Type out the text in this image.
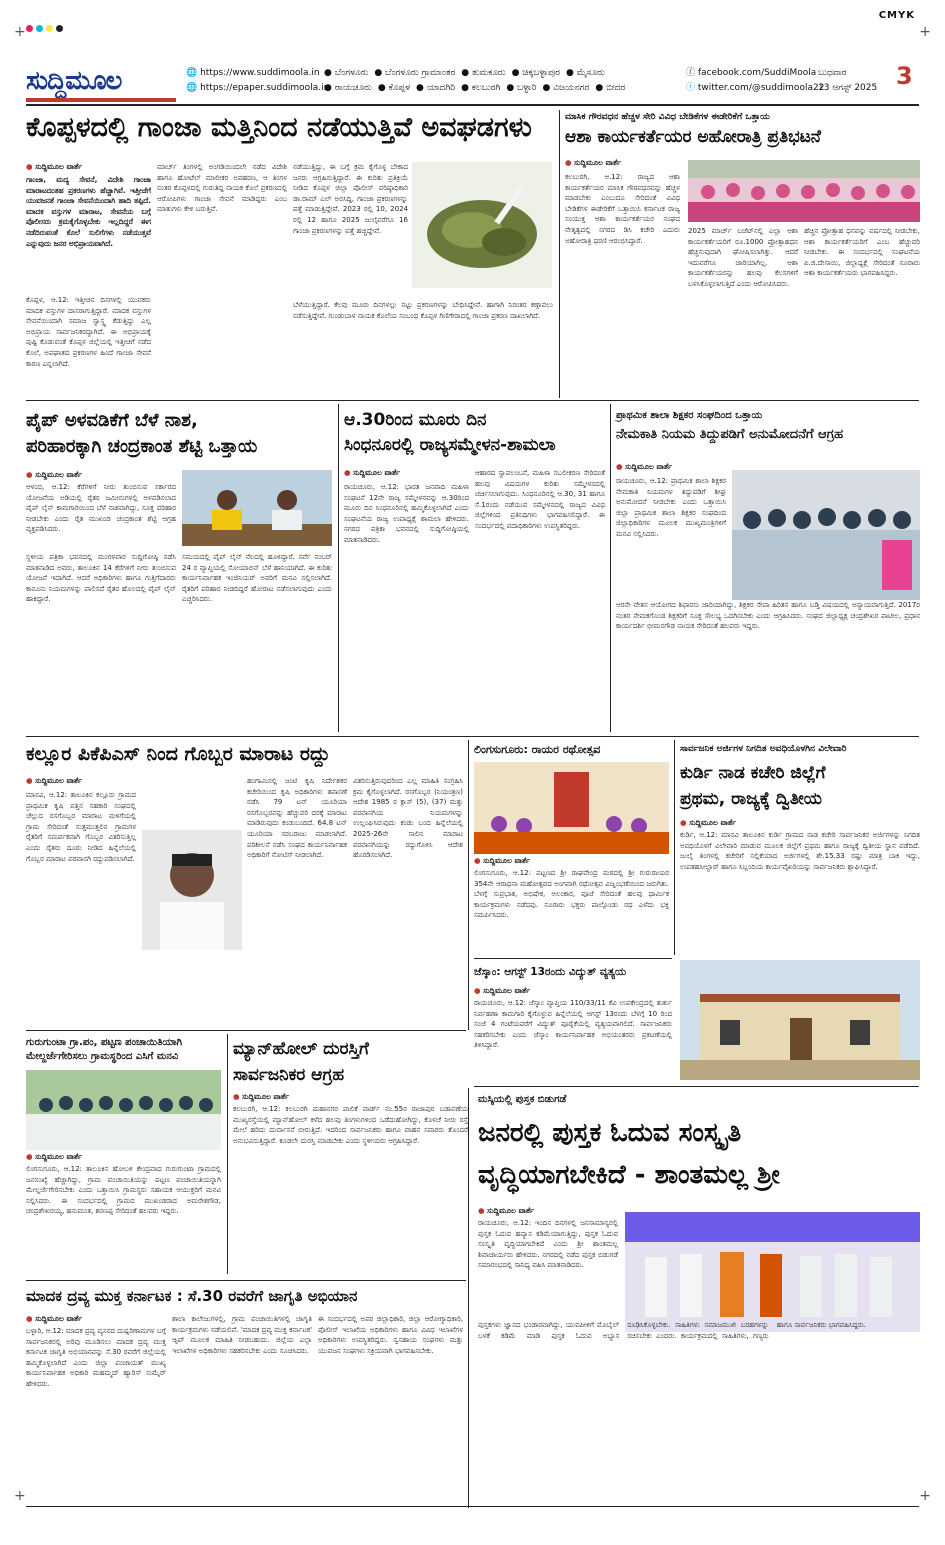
CMYK
+	+
+	+
ಸುದ್ದಿಮೂಲ	🌐 https://www.suddimoola.in
🌐 https://epaper.suddimoola.in
● ಬೆಂಗಳೂರು ● ಬೆಂಗಳೂರು ಗ್ರಾಮಾಂತರ ● ತುಮಕೂರು ● ಚಿಕ್ಕಬಳ್ಳಾಪುರ ● ಮೈಸೂರು
● ರಾಯಚೂರು ● ಕೊಪ್ಪಳ ● ಯಾದಗಿರಿ ● ಕಲಬುರಗಿ ● ಬಳ್ಳಾರಿ ● ವಿಜಯನಗರ ● ಬೀದರ
ⓕ facebook.com/SuddiMoola
ⓣ twitter.com/@suddimoola22
ಬುಧವಾರ
13 ಆಗಸ್ಟ್ 2025 3
ಕೊಪ್ಪಳದಲ್ಲಿ ಗಾಂಜಾ ಮತ್ತಿನಿಂದ ನಡೆಯುತ್ತಿವೆ ಅವಘಡಗಳು
● ಸುದ್ದಿಮೂಲ ವಾರ್ತೆ
ಗಾಂಜಾ, ಮದ್ಯ ಸೇವನೆ, ವಿದೇಶಿ ಗಾಂಜಾ ಮಾರಾಟದಂತಹ ಪ್ರಕರಣಗಳು ಹೆಚ್ಚಾಗಿವೆ. ಇತ್ತೀಚೆಗೆ ಯುವಜನತೆ ಗಾಂಜಾ ಸೇವನೆಯಿಂದಾಗಿ ಹಾದಿ ತಪ್ಪಿದೆ. ಮಾದಕ ವಸ್ತುಗಳ ಮಾರಾಟ, ಸೇವನೆಯ ಬಗ್ಗೆ ಪೊಲೀಸರು ಕ್ರಮಕೈಗೊಳ್ಳಬೇಕು ಇಲ್ಲದಿದ್ದರೆ ಈಗ ನಡೆದಿರುವಂತೆ ಕೊಲೆ ಸುಲಿಗೆಗಳು ನಡೆಯುತ್ತವೆ ಎನ್ನುವುದು ಜನರ ಅಭಿಪ್ರಾಯವಾಗಿದೆ.
ಕೊಪ್ಪಳ, ಆ.12: ಇತ್ತೀಚಿನ ದಿನಗಳಲ್ಲಿ ಯುವಕರು ಮಾದಕ ವಸ್ತುಗಳ ದಾಸರಾಗುತ್ತಿದ್ದಾರೆ. ಮಾದಕ ವಸ್ತುಗಳ ಸೇವನೆಯಿಂದಾಗಿ ಸಮಾಜ ಸ್ವಾಸ್ಥ್ಯ ಕೆಡುತ್ತಿದ್ದು ಎಲ್ಲ ಅಭಿಪ್ರಾಯ ಸಾರ್ವಜನಿಕರದ್ದಾಗಿದೆ. ಈ ಅಭಿಪ್ರಾಯಕ್ಕೆ ಪುಷ್ಟಿ ಕೊಡುವಂತೆ ಕೊಪ್ಪಳ ಜಿಲ್ಲೆಯಲ್ಲಿ ಇತ್ತೀಚಿಗೆ ನಡೆದ ಕೊಲೆ, ಅಪಘಾತದ ಪ್ರಕರಣಗಳ ಹಿಂದೆ ಗಾಂಜಾ ಸೇವನೆ ಕಾರಣ ಎನ್ನಲಾಗಿದೆ.
ಮಾರ್ಚ್ ತಿಂಗಳಲ್ಲಿ ಅಂಗಡಿಯಿಂದಲೇ ನಡೆದ ವಿದೇಶಿ ಹಾಗೂ ಹೋಟೆಲ್ ಮಾಲೀಕರ ಅಪಹರಣ, ಆ ತಿಂಗಳ ನಂತರ ಕೊಪ್ಪಳದಲ್ಲಿ ಗುರುತಿದ್ದ ನಾಯಕ ಕೊಲೆ ಪ್ರಕರಣದಲ್ಲಿ ಆರೋಪಿಗಳು ಗಾಂಜಾ ಸೇವನೆ ಮಾಡಿದ್ದರು ಎಂಬ ಮಾತುಗಳು ಕೇಳಿ ಬರುತ್ತಿವೆ.
ನಡೆಯುತ್ತಿದ್ದು, ಈ ಬಗ್ಗೆ ಕ್ರಮ ಕೈಗೊಳ್ಳ ಬೇಕಾದ ಜನರು ಆಗ್ರಹಿಸುತ್ತಿದ್ದಾರೆ. ಈ ಕುರಿತು ಪ್ರತಿಕ್ರಿಯೆ ನೀಡಿದ ಕೊಪ್ಪಳ ಜಿಲ್ಲಾ ಪೊಲೀಸ್ ವರಿಷ್ಠಾಧಿಕಾರಿ ಡಾ.ರಾಮ್ ಎಲ್ ಅರಸಿದ್ದಿ, ಗಾಂಜಾ ಪ್ರಕರಣಗಳನ್ನು ಪತ್ತೆ ಮಾಡುತ್ತಿದ್ದೇವೆ. 2023 ರಲ್ಲಿ 10, 2024 ರಲ್ಲಿ 12 ಹಾಗೂ 2025 ಜುಲೈವರೆಗೂ 16 ಗಾಂಜಾ ಪ್ರಕರಣಗಳನ್ನು ಪತ್ತೆ ಹಚ್ಚಿದ್ದೇವೆ.
ಬೆಳೆಯುತ್ತಿದ್ದಾರೆ. ಕೆಲವು ಮೂರು ದಿನಗಳಲ್ಲು ನಟ್ಟು ಪ್ರಕರಣಗಳನ್ನು ಬೇಧಿಸಿದ್ದೇವೆ. ಹಾಗಾಗಿ ನಿರಂತರ ಕಣ್ಗಾವಲು ನಡೆಸುತ್ತಿದ್ದೇವೆ. ಗುಂಡುಬಾಳ ನಾಯಕ ಕೊಲೆಯ ಸಂಬಂಧ ಕೊಪ್ಪಳ ಗಿಣಿಗೇರಾದಲ್ಲಿ ಗಾಂಜಾ ಪ್ರಕರಣ ದಾಖಲಾಗಿದೆ.
ಮಾಸಿಕ ಗೌರವಧನ ಹೆಚ್ಚಳ ಸೇರಿ ವಿವಿಧ ಬೇಡಿಕೆಗಳ ಈಡೇರಿಕೆಗೆ ಒತ್ತಾಯ
ಆಶಾ ಕಾರ್ಯಕರ್ತೆಯರ ಅಹೋರಾತ್ರಿ ಪ್ರತಿಭಟನೆ
● ಸುದ್ದಿಮೂಲ ವಾರ್ತೆ
ಕಲಬುರಗಿ, ಆ.12: ರಾಜ್ಯದ ಆಶಾ ಕಾರ್ಯಕರ್ತೆಯರ ಮಾಸಿಕ ಗೌರವಧನವನ್ನು ಹೆಚ್ಚಳ ಮಾಡಬೇಕು ಎಂಬುದೂ ಸೇರಿದಂತೆ ವಿವಿಧ ಬೇಡಿಕೆಗಳ ಈಡೇರಿಕೆಗೆ ಒತ್ತಾಯಿಸಿ ಕರ್ನಾಟಕ ರಾಜ್ಯ ಸಂಯುಕ್ತ ಆಶಾ ಕಾರ್ಯಕರ್ತೆಯರ ಸಂಘದ ನೇತೃತ್ವದಲ್ಲಿ ನಗರದ ಡಿಸಿ ಕಚೇರಿ ಎದುರು ಅಹೋರಾತ್ರಿ ಧರಣಿ ಆರಂಭಿಸಿದ್ದಾರೆ.
2025 ಮಾರ್ಚ್ ಬಜೆಟ್‌ನಲ್ಲಿ ಎಲ್ಲಾ ಆಶಾ ಕಾರ್ಯಕರ್ತೆಯರಿಗೆ ರೂ.1000 ಪ್ರೋತ್ಸಾಹಧನ ಹೆಚ್ಚಿಸುವುದಾಗಿ ಘೋಷಿಸಲಾಗಿತ್ತು. ಆದರೆ ಇದುವರೆಗೂ ಜಾರಿಯಾಗಿಲ್ಲ. ಆಶಾ ಕಾರ್ಯಕರ್ತೆಯರನ್ನು ಹಲವು ಕೆಲಸಗಳಿಗೆ ಬಳಸಿಕೊಳ್ಳಲಾಗುತ್ತಿದೆ ಎಂದು ಆರೋಪಿಸಿದರು.
ಹೆಚ್ಚಿನ ಪ್ರೋತ್ಸಾಹ ಧನವನ್ನು ವರ್ಷದಲ್ಲಿ ನೀಡಬೇಕು, ಆಶಾ ಕಾರ್ಯಕರ್ತೆಯರಿಗೆ ಎಂಬ ಹೆಚ್ಚುವರಿ ನೀಡಬೇಕು. ಈ ಸಂದರ್ಭದಲ್ಲಿ ಸಂಘಟನೆಯ ಪಿ.ಜಿ.ದೇಸಾಯಿ, ಜಿಲ್ಲಾಧ್ಯಕ್ಷೆ ಸೇರಿದಂತೆ ನೂರಾರು ಆಶಾ ಕಾರ್ಯಕರ್ತೆಯರು ಭಾಗವಹಿಸಿದ್ದರು.
ಪೈಪ್ ಅಳವಡಿಕೆಗೆ ಬೆಳೆ ನಾಶ,
ಪರಿಹಾರಕ್ಕಾಗಿ ಚಂದ್ರಕಾಂತ ಶೆಟ್ಟಿ ಒತ್ತಾಯ
● ಸುದ್ದಿಮೂಲ ವಾರ್ತೆ
ಆಳಂದ, ಆ.12: ಕೆರೆಗಳಿಗೆ ನೀರು ತುಂಬಿಸುವ ಸರ್ಕಾರದ ಯೋಜನೆಯ ಅಡಿಯಲ್ಲಿ ರೈತರ ಜಮೀನುಗಳಲ್ಲಿ ಅಳವಡಿಸಲಾದ ಪೈಪ್ ಲೈನ್ ಕಾಮಗಾರಿಯಿಂದ ಬೆಳೆ ನಾಶವಾಗಿದ್ದು, ಸೂಕ್ತ ಪರಿಹಾರ ನೀಡಬೇಕು ಎಂದು ರೈತ ಮುಖಂಡ ಚಂದ್ರಕಾಂತ ಶೆಟ್ಟಿ ಆಗ್ರಹ ವ್ಯಕ್ತಪಡಿಸಿದರು.
ಸ್ಥಳೀಯ ಪತ್ರಿಕಾ ಭವನದಲ್ಲಿ ಮಂಗಳವಾರ ಸುದ್ದಿಗೋಷ್ಠಿ ನಡೆಸಿ ಮಾತನಾಡಿದ ಅವರು, ತಾಲೂಕಿನ 14 ಕೆರೆಗಳಿಗೆ ನೀರು ತುಂಬಿಸುವ ಯೋಜನೆ ಇದಾಗಿದೆ. ಆದರೆ ಅಧಿಕಾರಿಗಳು ಹಾಗೂ ಗುತ್ತಿಗೆದಾರರು ಕಾನೂನು ನಿಯಮಗಳನ್ನು ಪಾಲಿಸದೆ ರೈತರ ಹೊಲದಲ್ಲಿ ಪೈಪ್ ಲೈನ್ ಹಾಕಿದ್ದಾರೆ.
ಸಮಯದಲ್ಲಿ ಪೈಪ್ ಲೈನ್ ನೆಲದಲ್ಲಿ ಹೂಳಿದ್ದಾರೆ. ಸರ್ವೆ ನಂಬರ್ 24 ರ ವ್ಯಾಪ್ತಿಯಲ್ಲಿ ಸೋಯಾಬಿನ್ ಬೆಳೆ ಹಾನಿಯಾಗಿದೆ. ಈ ಕುರಿತು ಕಾರ್ಯನಿರ್ವಾಹಕ ಇಂಜಿನಿಯರ್ ಅವರಿಗೆ ಮನವಿ ಸಲ್ಲಿಸಲಾಗಿದೆ. ರೈತರಿಗೆ ಪರಿಹಾರ ನೀಡದಿದ್ದರೆ ಹೋರಾಟ ನಡೆಸಲಾಗುವುದು ಎಂದು ಎಚ್ಚರಿಸಿದರು.
ಆ.30ರಿಂದ ಮೂರು ದಿನ
ಸಿಂಧನೂರಲ್ಲಿ ರಾಜ್ಯಸಮ್ಮೇಳನ-ಶಾಮಲಾ
● ಸುದ್ದಿಮೂಲ ವಾರ್ತೆ
ರಾಯಚೂರು, ಆ.12: ಭಾರತ ಜನವಾದಿ ಮಹಿಳಾ ಸಂಘಟನೆ 12ನೇ ರಾಜ್ಯ ಸಮ್ಮೇಳನವನ್ನು ಆ.30ರಿಂದ ಮೂರು ದಿನ ಸಿಂಧನೂರಿನಲ್ಲಿ ಹಮ್ಮಿಕೊಳ್ಳಲಾಗಿದೆ ಎಂದು ಸಂಘಟನೆಯ ರಾಜ್ಯ ಉಪಾಧ್ಯಕ್ಷೆ ಶಾಮಲಾ ಹೇಳಿದರು. ನಗರದ ಪತ್ರಿಕಾ ಭವನದಲ್ಲಿ ಸುದ್ದಿಗೋಷ್ಠಿಯಲ್ಲಿ ಮಾತನಾಡಿದರು.
ಆಹಾರದ ಸ್ವಾವಲಂಬನೆ, ಮಹಿಳಾ ಸಬಲೀಕರಣ ಸೇರಿದಂತೆ ಹಲವು ವಿಷಯಗಳ ಕುರಿತು ಸಮ್ಮೇಳನದಲ್ಲಿ ಚರ್ಚಿಸಲಾಗುವುದು. ಸಿಂಧನೂರಿನಲ್ಲಿ ಆ.30, 31 ಹಾಗೂ ಸೆ.1ರಂದು ನಡೆಯುವ ಸಮ್ಮೇಳನದಲ್ಲಿ ರಾಜ್ಯದ ವಿವಿಧ ಜಿಲ್ಲೆಗಳಿಂದ ಪ್ರತಿನಿಧಿಗಳು ಭಾಗವಹಿಸಲಿದ್ದಾರೆ. ಈ ಸಂದರ್ಭದಲ್ಲಿ ಪದಾಧಿಕಾರಿಗಳು ಉಪಸ್ಥಿತರಿದ್ದರು.
ಪ್ರಾಥಮಿಕ ಶಾಲಾ ಶಿಕ್ಷಕರ ಸಂಘದಿಂದ ಒತ್ತಾಯ
ನೇಮಕಾತಿ ನಿಯಮ ತಿದ್ದುಪಡಿಗೆ ಅನುಮೋದನೆಗೆ ಆಗ್ರಹ
● ಸುದ್ದಿಮೂಲ ವಾರ್ತೆ
ರಾಯಚೂರು, ಆ.12: ಪ್ರಾಥಮಿಕ ಶಾಲಾ ಶಿಕ್ಷಕರ ನೇಮಕಾತಿ ನಿಯಮಗಳ ತಿದ್ದುಪಡಿಗೆ ಶೀಘ್ರ ಅನುಮೋದನೆ ನೀಡಬೇಕು ಎಂದು ಒತ್ತಾಯಿಸಿ ಜಿಲ್ಲಾ ಪ್ರಾಥಮಿಕ ಶಾಲಾ ಶಿಕ್ಷಕರ ಸಂಘದಿಂದ ಜಿಲ್ಲಾಧಿಕಾರಿಗಳ ಮೂಲಕ ಮುಖ್ಯಮಂತ್ರಿಗಳಿಗೆ ಮನವಿ ಸಲ್ಲಿಸಿದರು.
ಆರನೇ ವೇತನ ಆಯೋಗದ ಶಿಫಾರಸು ಜಾರಿಯಾಗಿದ್ದು, ಶಿಕ್ಷಕರ ಸೇವಾ ಹಿರಿತನ ಹಾಗೂ ಬಡ್ತಿ ವಿಷಯದಲ್ಲಿ ಅನ್ಯಾಯವಾಗುತ್ತಿದೆ. 2017ರ ನಂತರ ನೇಮಕಗೊಂಡ ಶಿಕ್ಷಕರಿಗೆ ಸೂಕ್ತ ಸೌಲಭ್ಯ ಒದಗಿಸಬೇಕು ಎಂದು ಆಗ್ರಹಿಸಿದರು. ಸಂಘದ ಜಿಲ್ಲಾಧ್ಯಕ್ಷ ಚಂದ್ರಶೇಖರ ಪಾಟೀಲ, ಪ್ರಧಾನ ಕಾರ್ಯದರ್ಶಿ ಭೀಮನಗೌಡ ನಾಯಕ ಸೇರಿದಂತೆ ಹಲವರು ಇದ್ದರು.
ಕಲ್ಲೂರ ಪಿಕೆಪಿಎಸ್ ನಿಂದ ಗೊಬ್ಬರ ಮಾರಾಟ ರದ್ದು
● ಸುದ್ದಿಮೂಲ ವಾರ್ತೆ
ಮಾನವಿ, ಆ.12: ತಾಲೂಕಿನ ಕಲ್ಲೂರು ಗ್ರಾಮದ ಪ್ರಾಥಮಿಕ ಕೃಷಿ ಪತ್ತಿನ ಸಹಕಾರಿ ಸಂಘದಲ್ಲಿ ಚೆಲ್ಲುದ ರಸಗೊಬ್ಬರ ಮಾರಾಟ ಮಳಿಗೆಯಲ್ಲಿ ಗ್ರಾಮ ಸೇರಿದಂತೆ ಸುತ್ತಮುತ್ತಲಿನ ಗ್ರಾಮಗಳ ರೈತರಿಗೆ ಸಮರ್ಪಕವಾಗಿ ಗೊಬ್ಬರ ವಿತರಿಸುತ್ತಿಲ್ಲ ಎಂದು ರೈತರು ದೂರು ನೀಡಿದ ಹಿನ್ನೆಲೆಯಲ್ಲಿ ಗೊಬ್ಬರ ಮಾರಾಟ ಪರವಾನಗಿ ರದ್ದುಪಡಿಸಲಾಗಿದೆ.
ಹಂಗಾಮಿನಲ್ಲಿ ಜಂಟಿ ಕೃಷಿ ನಿರ್ದೇಶಕರ ಕಚೇರಿಯಿಂದ ಕೃಷಿ ಅಧಿಕಾರಿಗಳು ತಪಾಸಣೆ ನಡೆಸಿ 79 ಟನ್ ಯೂರಿಯಾ ರಸಗೊಬ್ಬರವನ್ನು ಹೆಚ್ಚುವರಿ ದರಕ್ಕೆ ಮಾರಾಟ ಮಾಡಿರುವುದು ಕಂಡುಬಂದಿದೆ. 64.8 ಟನ್ ಯೂರಿಯಾ ಸರಬರಾಜು ಮಾಡಲಾಗಿದೆ. ಪರಿಶೀಲನೆ ನಡೆಸಿ ಸಂಘದ ಕಾರ್ಯನಿರ್ವಾಹಕ ಅಧಿಕಾರಿಗೆ ನೋಟಿಸ್ ನೀಡಲಾಗಿದೆ.
ವಿತರಿಸುತ್ತಿರುವುದರಿಂದ ಎಲ್ಲ ಮಾಹಿತಿ ಸಂಗ್ರಹಿಸಿ ಕ್ರಮ ಕೈಗೊಳ್ಳಲಾಗಿದೆ. ರಸಗೊಬ್ಬರ (ನಿಯಂತ್ರಣ) ಆದೇಶ 1985 ರ ಕ್ಲಾಸ್ (5), (37) ಮತ್ತು ಪರವಾನಗಿಯ ನಿಯಮಗಳನ್ನು ಉಲ್ಲಂಘಿಸಿರುವುದು ಕಂಡು ಬಂದ ಹಿನ್ನೆಲೆಯಲ್ಲಿ 2025-26ನೇ ಸಾಲಿನ ಮಾರಾಟ ಪರವಾನಗಿಯನ್ನು ರದ್ದುಗೊಳಿಸಿ ಆದೇಶ ಹೊರಡಿಸಲಾಗಿದೆ.
ಲಿಂಗಸುಗೂರು: ರಾಯರ ರಥೋತ್ಸವ
● ಸುದ್ದಿಮೂಲ ವಾರ್ತೆ
ಲಿಂಗಸುಗೂರು, ಆ.12: ಪಟ್ಟಣದ ಶ್ರೀ ರಾಘವೇಂದ್ರ ಮಠದಲ್ಲಿ ಶ್ರೀ ಗುರುರಾಯರ 354ನೇ ಆರಾಧನಾ ಮಹೋತ್ಸವದ ಅಂಗವಾಗಿ ರಥೋತ್ಸವ ವಿಜೃಂಭಣೆಯಿಂದ ಜರುಗಿತು. ಬೆಳಗ್ಗೆ ಸುಪ್ರಭಾತ, ಅಭಿಷೇಕ, ಅಲಂಕಾರ, ಪೂಜೆ ಸೇರಿದಂತೆ ಹಲವು ಧಾರ್ಮಿಕ ಕಾರ್ಯಕ್ರಮಗಳು ನಡೆದವು. ನೂರಾರು ಭಕ್ತರು ಪಾಲ್ಗೊಂಡು ರಥ ಎಳೆದು ಭಕ್ತಿ ಸಮರ್ಪಿಸಿದರು.
ಸಾರ್ವಜನಿಕ ಅರ್ಜಿಗಳ ನಿಗದಿತ ಅವಧಿಯೊಳಗಿನ ವಿಲೇವಾರಿ
ಕುರ್ಡಿ ನಾಡ ಕಚೇರಿ ಜಿಲ್ಲೆಗೆ
ಪ್ರಥಮ, ರಾಜ್ಯಕ್ಕೆ ದ್ವಿತೀಯ
● ಸುದ್ದಿಮೂಲ ವಾರ್ತೆ
ಕುರ್ಡಿ, ಆ.12: ಮಾನವಿ ತಾಲೂಕಿನ ಕುರ್ಡಿ ಗ್ರಾಮದ ನಾಡ ಕಚೇರಿ ಸಾರ್ವಜನಿಕರ ಅರ್ಜಿಗಳನ್ನು ನಿಗದಿತ ಅವಧಿಯೊಳಗೆ ವಿಲೇವಾರಿ ಮಾಡುವ ಮೂಲಕ ಜಿಲ್ಲೆಗೆ ಪ್ರಥಮ ಹಾಗೂ ರಾಜ್ಯಕ್ಕೆ ದ್ವಿತೀಯ ಸ್ಥಾನ ಪಡೆದಿದೆ. ಜುಲೈ ತಿಂಗಳಲ್ಲಿ ಕಚೇರಿಗೆ ಸಲ್ಲಿಕೆಯಾದ ಅರ್ಜಿಗಳಲ್ಲಿ ಶೇ.15.33 ರಷ್ಟು ಮಾತ್ರ ಬಾಕಿ ಇದ್ದು, ಉಪತಹಸೀಲ್ದಾರ್ ಹಾಗೂ ಸಿಬ್ಬಂದಿಯ ಕಾರ್ಯವೈಖರಿಯನ್ನು ಸಾರ್ವಜನಿಕರು ಶ್ಲಾಘಿಸಿದ್ದಾರೆ.
ಜೆಸ್ಕಾಂ: ಆಗಸ್ಟ್ 13ರಂದು ವಿದ್ಯುತ್ ವ್ಯತ್ಯಯ
● ಸುದ್ದಿಮೂಲ ವಾರ್ತೆ
ರಾಯಚೂರು, ಆ.12: ಜೆಸ್ಕಾಂ ವ್ಯಾಪ್ತಿಯ 110/33/11 ಕೆವಿ ಉಪಕೇಂದ್ರದಲ್ಲಿ ತುರ್ತು ನಿರ್ವಹಣಾ ಕಾಮಗಾರಿ ಕೈಗೊಳ್ಳುವ ಹಿನ್ನೆಲೆಯಲ್ಲಿ ಆಗಸ್ಟ್ 13ರಂದು ಬೆಳಗ್ಗೆ 10 ರಿಂದ ಸಂಜೆ 4 ಗಂಟೆಯವರೆಗೆ ವಿದ್ಯುತ್ ಪೂರೈಕೆಯಲ್ಲಿ ವ್ಯತ್ಯಯವಾಗಲಿದೆ. ಸಾರ್ವಜನಿಕರು ಸಹಕರಿಸಬೇಕು ಎಂದು ಜೆಸ್ಕಾಂ ಕಾರ್ಯನಿರ್ವಾಹಕ ಅಭಿಯಂತರರು ಪ್ರಕಟಣೆಯಲ್ಲಿ ತಿಳಿಸಿದ್ದಾರೆ.
ಗುರುಗುಂಟಾ ಗ್ರಾ.ಪಂ, ಪಟ್ಟಣ ಪಂಚಾಯಿತಿಯಾಗಿ
ಮೇಲ್ದರ್ಜೆಗೇರಿಸಲು ಗ್ರಾಮಸ್ಥರಿಂದ ಎಸಿಗೆ ಮನವಿ
● ಸುದ್ದಿಮೂಲ ವಾರ್ತೆ
ಲಿಂಗಸುಗೂರು, ಆ.12: ತಾಲೂಕಿನ ಹೋಬಳಿ ಕೇಂದ್ರವಾದ ಗುರುಗುಂಟಾ ಗ್ರಾಮದಲ್ಲಿ ಜನಸಂಖ್ಯೆ ಹೆಚ್ಚಾಗಿದ್ದು, ಗ್ರಾಮ ಪಂಚಾಯಿತಿಯನ್ನು ಪಟ್ಟಣ ಪಂಚಾಯಿತಿಯನ್ನಾಗಿ ಮೇಲ್ದರ್ಜೆಗೇರಿಸಬೇಕು ಎಂದು ಒತ್ತಾಯಿಸಿ ಗ್ರಾಮಸ್ಥರು ಸಹಾಯಕ ಆಯುಕ್ತರಿಗೆ ಮನವಿ ಸಲ್ಲಿಸಿದರು. ಈ ಸಂದರ್ಭದಲ್ಲಿ ಗ್ರಾಮದ ಮುಖಂಡರಾದ ಅಮರೇಶಗೌಡ, ಚಂದ್ರಶೇಖರಯ್ಯ, ಹನುಮಂತ, ಶರಣಪ್ಪ ಸೇರಿದಂತೆ ಹಲವರು ಇದ್ದರು.
ಮ್ಯಾನ್‌ಹೋಲ್ ದುರಸ್ತಿಗೆ
ಸಾರ್ವಜನಿಕರ ಆಗ್ರಹ
● ಸುದ್ದಿಮೂಲ ವಾರ್ತೆ
ಕಲಬುರಗಿ, ಆ.12: ಕಲಬುರಗಿ ಮಹಾನಗರ ಪಾಲಿಕೆ ವಾರ್ಡ್ ನಂ.55ರ ರಾಜಾಪುರ ಬಡಾವಣೆಯ ಮುಖ್ಯರಸ್ತೆಯಲ್ಲಿ ಮ್ಯಾನ್‌ಹೋಲ್ ಕಳೆದ ಹಲವು ತಿಂಗಳುಗಳಿಂದ ಒಡೆದುಹೋಗಿದ್ದು, ಕೊಳಚೆ ನೀರು ರಸ್ತೆ ಮೇಲೆ ಹರಿದು ದುರ್ವಾಸನೆ ಬೀರುತ್ತಿದೆ. ಇದರಿಂದ ಸಾರ್ವಜನಿಕರು ಹಾಗೂ ವಾಹನ ಸವಾರರು ತೊಂದರೆ ಅನುಭವಿಸುತ್ತಿದ್ದಾರೆ. ಕೂಡಲೇ ದುರಸ್ತಿ ಮಾಡಬೇಕು ಎಂದು ಸ್ಥಳೀಯರು ಆಗ್ರಹಿಸಿದ್ದಾರೆ.
ಮಸ್ಕಿಯಲ್ಲಿ ಪುಸ್ತಕ ಬಿಡುಗಡೆ
ಜನರಲ್ಲಿ ಪುಸ್ತಕ ಓದುವ ಸಂಸ್ಕೃತಿ
ವೃದ್ಧಿಯಾಗಬೇಕಿದೆ - ಶಾಂತಮಲ್ಲ ಶ್ರೀ
● ಸುದ್ದಿಮೂಲ ವಾರ್ತೆ
ರಾಯಚೂರು, ಆ.12: ಇಂದಿನ ದಿನಗಳಲ್ಲಿ ಜನಸಾಮಾನ್ಯರಲ್ಲಿ ಪುಸ್ತಕ ಓದುವ ಹವ್ಯಾಸ ಕಡಿಮೆಯಾಗುತ್ತಿದ್ದು, ಪುಸ್ತಕ ಓದುವ ಸಂಸ್ಕೃತಿ ವೃದ್ಧಿಯಾಗಬೇಕಿದೆ ಎಂದು ಶ್ರೀ ಶಾಂತಮಲ್ಲ ಶಿವಾಚಾರ್ಯರು ಹೇಳಿದರು. ನಗರದಲ್ಲಿ ನಡೆದ ಪುಸ್ತಕ ಬಿಡುಗಡೆ ಸಮಾರಂಭದಲ್ಲಿ ಸಾನಿಧ್ಯ ವಹಿಸಿ ಮಾತನಾಡಿದರು.
ಪುಸ್ತಕಗಳು ಜ್ಞಾನದ ಭಂಡಾರವಾಗಿದ್ದು, ಯುವಪೀಳಿಗೆ ಮೊಬೈಲ್ ಬಳಕೆ ಕಡಿಮೆ ಮಾಡಿ ಪುಸ್ತಕ ಓದುವ ಅಭ್ಯಾಸ ರೂಢಿಸಿಕೊಳ್ಳಬೇಕು. ಸಾಹಿತಿಗಳು ಸಮಾಜಮುಖಿ ಬರಹಗಳನ್ನು ರಚಿಸಬೇಕು ಎಂದರು. ಕಾರ್ಯಕ್ರಮದಲ್ಲಿ ಸಾಹಿತಿಗಳು, ಗಣ್ಯರು ಹಾಗೂ ಸಾರ್ವಜನಿಕರು ಭಾಗವಹಿಸಿದ್ದರು.
ಮಾದಕ ದ್ರವ್ಯ ಮುಕ್ತ ಕರ್ನಾಟಕ : ಸೆ.30 ರವರೆಗೆ ಜಾಗೃತಿ ಅಭಿಯಾನ
● ಸುದ್ದಿಮೂಲ ವಾರ್ತೆ
ಬಳ್ಳಾರಿ, ಆ.12: ಮಾದಕ ದ್ರವ್ಯ ವ್ಯಸನದ ದುಷ್ಪರಿಣಾಮಗಳ ಬಗ್ಗೆ ಸಾರ್ವಜನಿಕರಲ್ಲಿ ಅರಿವು ಮೂಡಿಸಲು ಮಾದಕ ದ್ರವ್ಯ ಮುಕ್ತ ಕರ್ನಾಟಕ ಜಾಗೃತಿ ಅಭಿಯಾನವನ್ನು ಸೆ.30 ರವರೆಗೆ ಜಿಲ್ಲೆಯಲ್ಲಿ ಹಮ್ಮಿಕೊಳ್ಳಲಾಗಿದೆ ಎಂದು ಜಿಲ್ಲಾ ಪಂಚಾಯತ್ ಮುಖ್ಯ ಕಾರ್ಯನಿರ್ವಾಹಕ ಅಧಿಕಾರಿ ಮಹಮ್ಮದ್ ಹ್ಯಾರಿಸ್ ಸುಮೈರ್ ಹೇಳಿದರು.
ಶಾಲಾ ಕಾಲೇಜುಗಳಲ್ಲಿ, ಗ್ರಾಮ ಪಂಚಾಯಿತಿಗಳಲ್ಲಿ ಜಾಗೃತಿ ಕಾರ್ಯಕ್ರಮಗಳು ನಡೆಯಲಿವೆ. 'ಮಾದಕ ದ್ರವ್ಯ ಮುಕ್ತ ಕರ್ನಾಟಕ' ಆ್ಯಪ್ ಮೂಲಕ ಮಾಹಿತಿ ನೀಡಬಹುದು. ಜಿಲ್ಲೆಯ ಎಲ್ಲಾ ಇಲಾಖೆಗಳ ಅಧಿಕಾರಿಗಳು ಸಹಕರಿಸಬೇಕು ಎಂದು ಸೂಚಿಸಿದರು.
ಈ ಸಂದರ್ಭದಲ್ಲಿ ಅಪರ ಜಿಲ್ಲಾಧಿಕಾರಿ, ಜಿಲ್ಲಾ ಆರೋಗ್ಯಾಧಿಕಾರಿ, ಪೊಲೀಸ್ ಇಲಾಖೆಯ ಅಧಿಕಾರಿಗಳು ಹಾಗೂ ವಿವಿಧ ಇಲಾಖೆಗಳ ಅಧಿಕಾರಿಗಳು ಉಪಸ್ಥಿತರಿದ್ದರು. ಸ್ವಸಹಾಯ ಸಂಘಗಳು ಮತ್ತು ಯುವಜನ ಸಂಘಗಳು ಸಕ್ರಿಯವಾಗಿ ಭಾಗವಹಿಸಬೇಕು.
